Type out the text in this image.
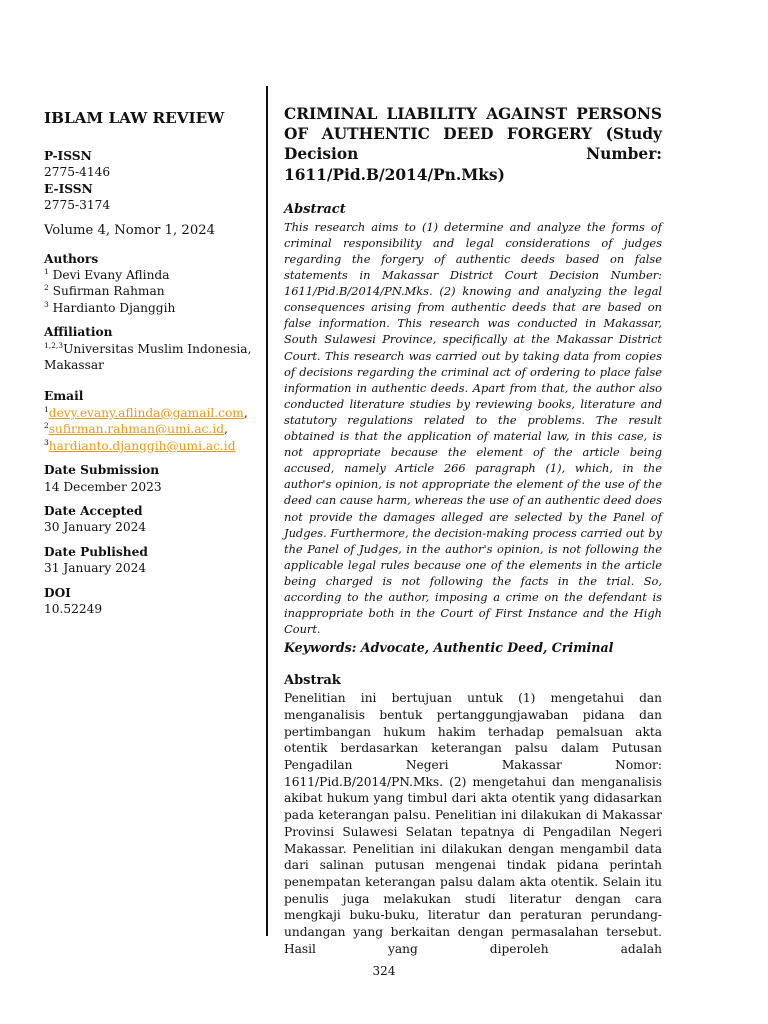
IBLAM LAW REVIEW
P-ISSN
2775-4146
E-ISSN
2775-3174
Volume 4, Nomor 1, 2024
Authors
$^1$ Devi Evany Aflinda
$^2$ Sufirman Rahman
$^3$ Hardianto Djanggih
Affiliation
$^{1,2,3}$Universitas Muslim Indonesia, Makassar
Email
$^1$devy.evany.aflinda@gamail.com,
$^2$sufirman.rahman@umi.ac.id,
$^3$hardianto.djanggih@umi.ac.id
Date Submission
14 December 2023
Date Accepted
30 January 2024
Date Published
31 January 2024
DOI
10.52249
CRIMINAL LIABILITY AGAINST PERSONS OF AUTHENTIC DEED FORGERY (Study Decision Number: 1611/Pid.B/2014/Pn.Mks)
Abstract
This research aims to (1) determine and analyze the forms of criminal responsibility and legal considerations of judges regarding the forgery of authentic deeds based on false statements in Makassar District Court Decision Number: 1611/Pid.B/2014/PN.Mks. (2) knowing and analyzing the legal consequences arising from authentic deeds that are based on false information. This research was conducted in Makassar, South Sulawesi Province, specifically at the Makassar District Court. This research was carried out by taking data from copies of decisions regarding the criminal act of ordering to place false information in authentic deeds. Apart from that, the author also conducted literature studies by reviewing books, literature and statutory regulations related to the problems. The result obtained is that the application of material law, in this case, is not appropriate because the element of the article being accused, namely Article 266 paragraph (1), which, in the author's opinion, is not appropriate the element of the use of the deed can cause harm, whereas the use of an authentic deed does not provide the damages alleged are selected by the Panel of Judges. Furthermore, the decision-making process carried out by the Panel of Judges, in the author's opinion, is not following the applicable legal rules because one of the elements in the article being charged is not following the facts in the trial. So, according to the author, imposing a crime on the defendant is inappropriate both in the Court of First Instance and the High Court.
Keywords: Advocate, Authentic Deed, Criminal
Abstrak
Penelitian ini bertujuan untuk (1) mengetahui dan menganalisis bentuk pertanggungjawaban pidana dan pertimbangan hukum hakim terhadap pemalsuan akta otentik berdasarkan keterangan palsu dalam Putusan Pengadilan Negeri Makassar Nomor: 1611/Pid.B/2014/PN.Mks. (2) mengetahui dan menganalisis akibat hukum yang timbul dari akta otentik yang didasarkan pada keterangan palsu. Penelitian ini dilakukan di Makassar Provinsi Sulawesi Selatan tepatnya di Pengadilan Negeri Makassar. Penelitian ini dilakukan dengan mengambil data dari salinan putusan mengenai tindak pidana perintah penempatan keterangan palsu dalam akta otentik. Selain itu penulis juga melakukan studi literatur dengan cara mengkaji buku-buku, literatur dan peraturan perundang-undangan yang berkaitan dengan permasalahan tersebut. Hasil yang diperoleh adalah
324
